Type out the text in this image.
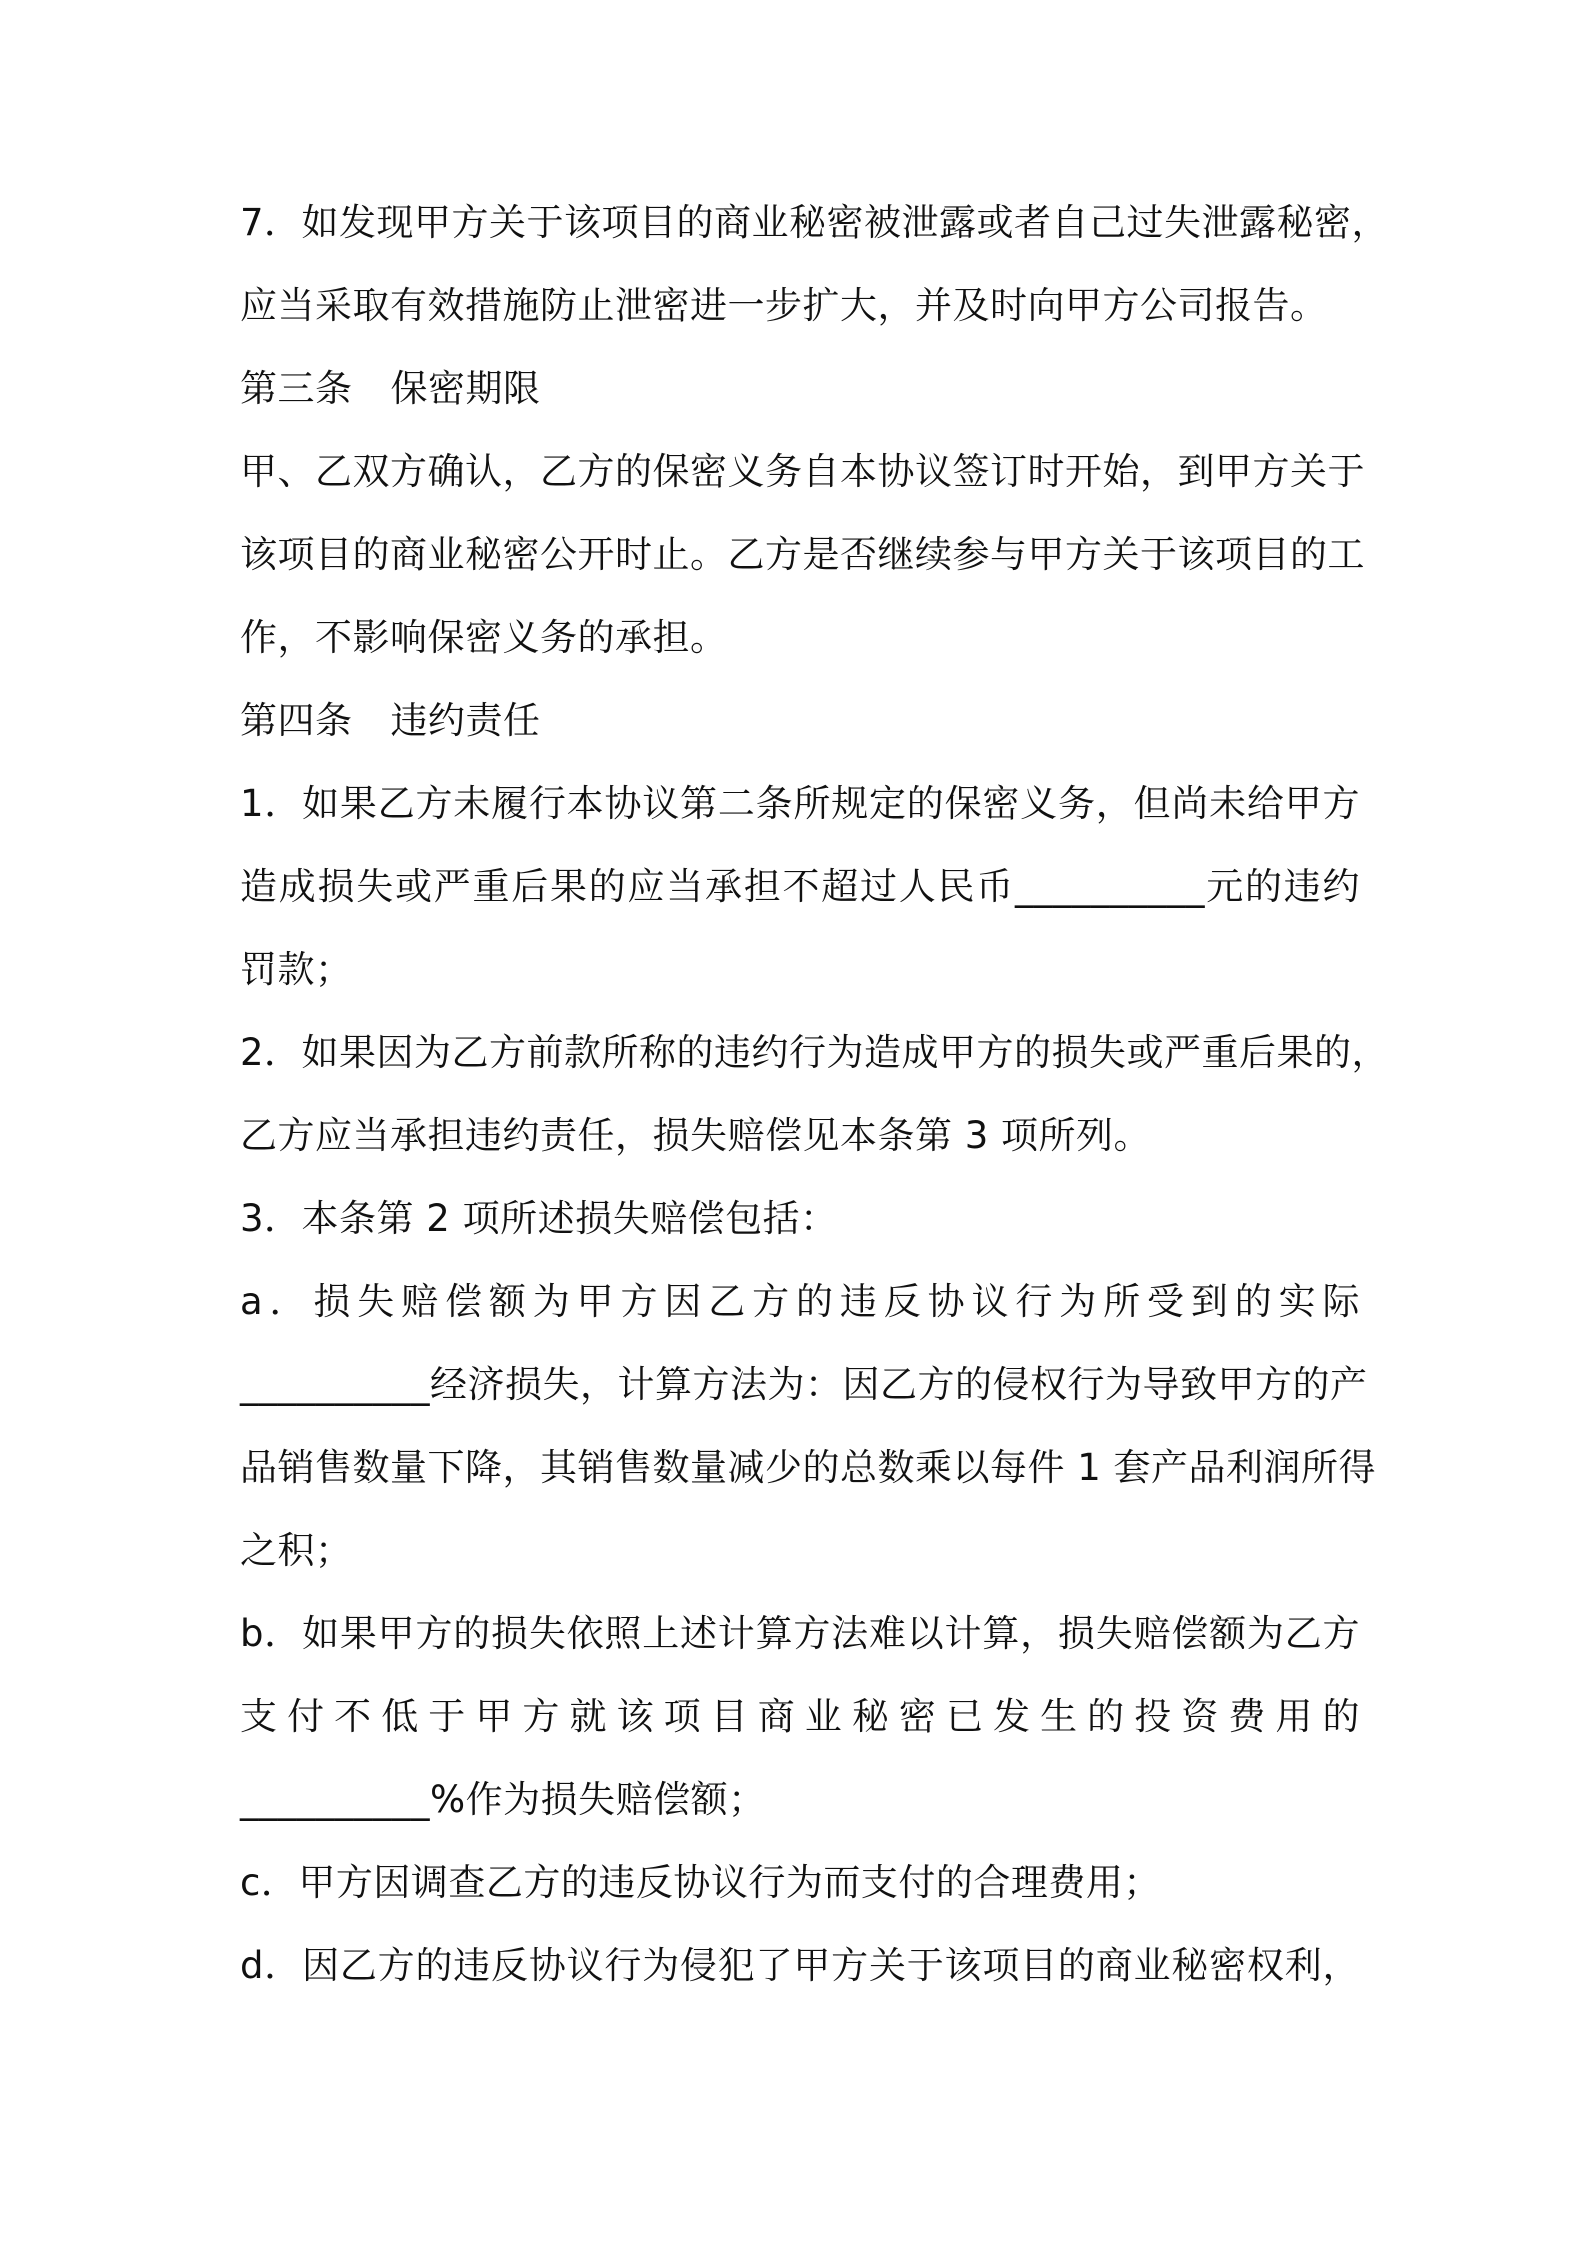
7．如发现甲方关于该项目的商业秘密被泄露或者自己过失泄露秘密，
应当采取有效措施防止泄密进一步扩大，并及时向甲方公司报告。
第三条 保密期限
甲、乙双方确认，乙方的保密义务自本协议签订时开始，到甲方关于
该项目的商业秘密公开时止。乙方是否继续参与甲方关于该项目的工
作，不影响保密义务的承担。
第四条 违约责任
1．如果乙方未履行本协议第二条所规定的保密义务，但尚未给甲方
造成损失或严重后果的应当承担不超过人民币__________元的违约
罚款；
2．如果因为乙方前款所称的违约行为造成甲方的损失或严重后果的，
乙方应当承担违约责任，损失赔偿见本条第 3 项所列。
3．本条第 2 项所述损失赔偿包括：
a．损失赔偿额为甲方因乙方的违反协议行为所受到的实际
__________经济损失，计算方法为：因乙方的侵权行为导致甲方的产
品销售数量下降，其销售数量减少的总数乘以每件 1 套产品利润所得
之积；
b．如果甲方的损失依照上述计算方法难以计算，损失赔偿额为乙方
支付不低于甲方就该项目商业秘密已发生的投资费用的
__________%作为损失赔偿额；
c．甲方因调查乙方的违反协议行为而支付的合理费用；
d．因乙方的违反协议行为侵犯了甲方关于该项目的商业秘密权利，
